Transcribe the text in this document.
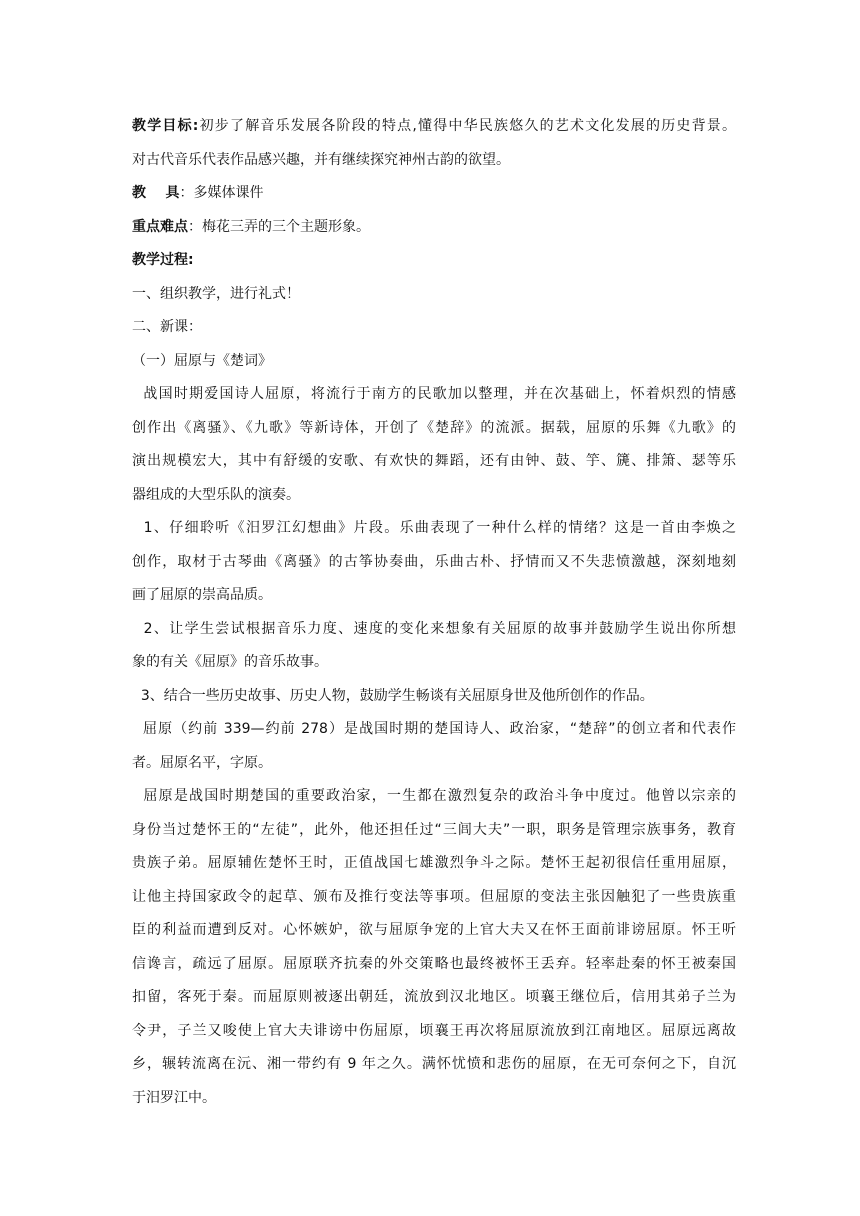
教学目标:初步了解音乐发展各阶段的特点,懂得中华民族悠久的艺术文化发展的历史背景。
对古代音乐代表作品感兴趣，并有继续探究神州古韵的欲望。
教    具：多媒体课件
重点难点：梅花三弄的三个主题形象。
教学过程:
一、组织教学，进行礼式！
二、新课：
（一）屈原与《楚词》
战国时期爱国诗人屈原，将流行于南方的民歌加以整理，并在次基础上，怀着炽烈的情感
创作出《离骚》、《九歌》等新诗体，开创了《楚辞》的流派。据载，屈原的乐舞《九歌》的
演出规模宏大，其中有舒缓的安歌、有欢快的舞蹈，还有由钟、鼓、竽、篪、排箫、瑟等乐
器组成的大型乐队的演奏。
1、仔细聆听《汨罗江幻想曲》片段。乐曲表现了一种什么样的情绪？这是一首由李焕之
创作，取材于古琴曲《离骚》的古筝协奏曲，乐曲古朴、抒情而又不失悲愤激越，深刻地刻
画了屈原的崇高品质。
2、让学生尝试根据音乐力度、速度的变化来想象有关屈原的故事并鼓励学生说出你所想
象的有关《屈原》的音乐故事。
3、结合一些历史故事、历史人物，鼓励学生畅谈有关屈原身世及他所创作的作品。
屈原（约前 339—约前 278）是战国时期的楚国诗人、政治家，“楚辞”的创立者和代表作
者。屈原名平，字原。
屈原是战国时期楚国的重要政治家，一生都在激烈复杂的政治斗争中度过。他曾以宗亲的
身份当过楚怀王的“左徒”，此外，他还担任过“三闾大夫”一职，职务是管理宗族事务，教育
贵族子弟。屈原辅佐楚怀王时，正值战国七雄激烈争斗之际。楚怀王起初很信任重用屈原，
让他主持国家政令的起草、颁布及推行变法等事项。但屈原的变法主张因触犯了一些贵族重
臣的利益而遭到反对。心怀嫉妒，欲与屈原争宠的上官大夫又在怀王面前诽谤屈原。怀王听
信谗言，疏远了屈原。屈原联齐抗秦的外交策略也最终被怀王丢弃。轻率赴秦的怀王被秦国
扣留，客死于秦。而屈原则被逐出朝廷，流放到汉北地区。顷襄王继位后，信用其弟子兰为
令尹，子兰又唆使上官大夫诽谤中伤屈原，顷襄王再次将屈原流放到江南地区。屈原远离故
乡，辗转流离在沅、湘一带约有 9 年之久。满怀忧愤和悲伤的屈原，在无可奈何之下，自沉
于汨罗江中。
